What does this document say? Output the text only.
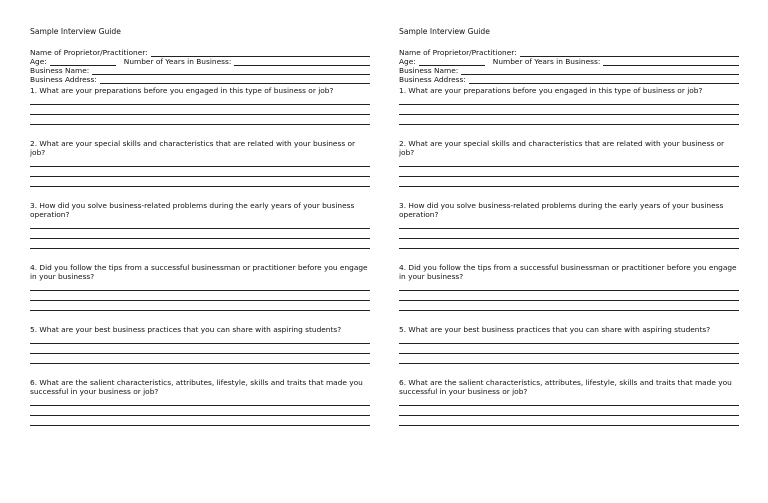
Sample Interview Guide
Name of Proprietor/Practitioner:
Age:	Number of Years in Business:
Business Name:
Business Address:
1. What are your preparations before you engaged in this type of business or job?
2. What are your special skills and characteristics that are related with your business or job?
3. How did you solve business-related problems during the early years of your business operation?
4. Did you follow the tips from a successful businessman or practitioner before you engage in your business?
5. What are your best business practices that you can share with aspiring students?
6. What are the salient characteristics, attributes, lifestyle, skills and traits that made you successful in your business or job?
Sample Interview Guide
Name of Proprietor/Practitioner:
Age:	Number of Years in Business:
Business Name:
Business Address:
1. What are your preparations before you engaged in this type of business or job?
2. What are your special skills and characteristics that are related with your business or job?
3. How did you solve business-related problems during the early years of your business operation?
4. Did you follow the tips from a successful businessman or practitioner before you engage in your business?
5. What are your best business practices that you can share with aspiring students?
6. What are the salient characteristics, attributes, lifestyle, skills and traits that made you successful in your business or job?
